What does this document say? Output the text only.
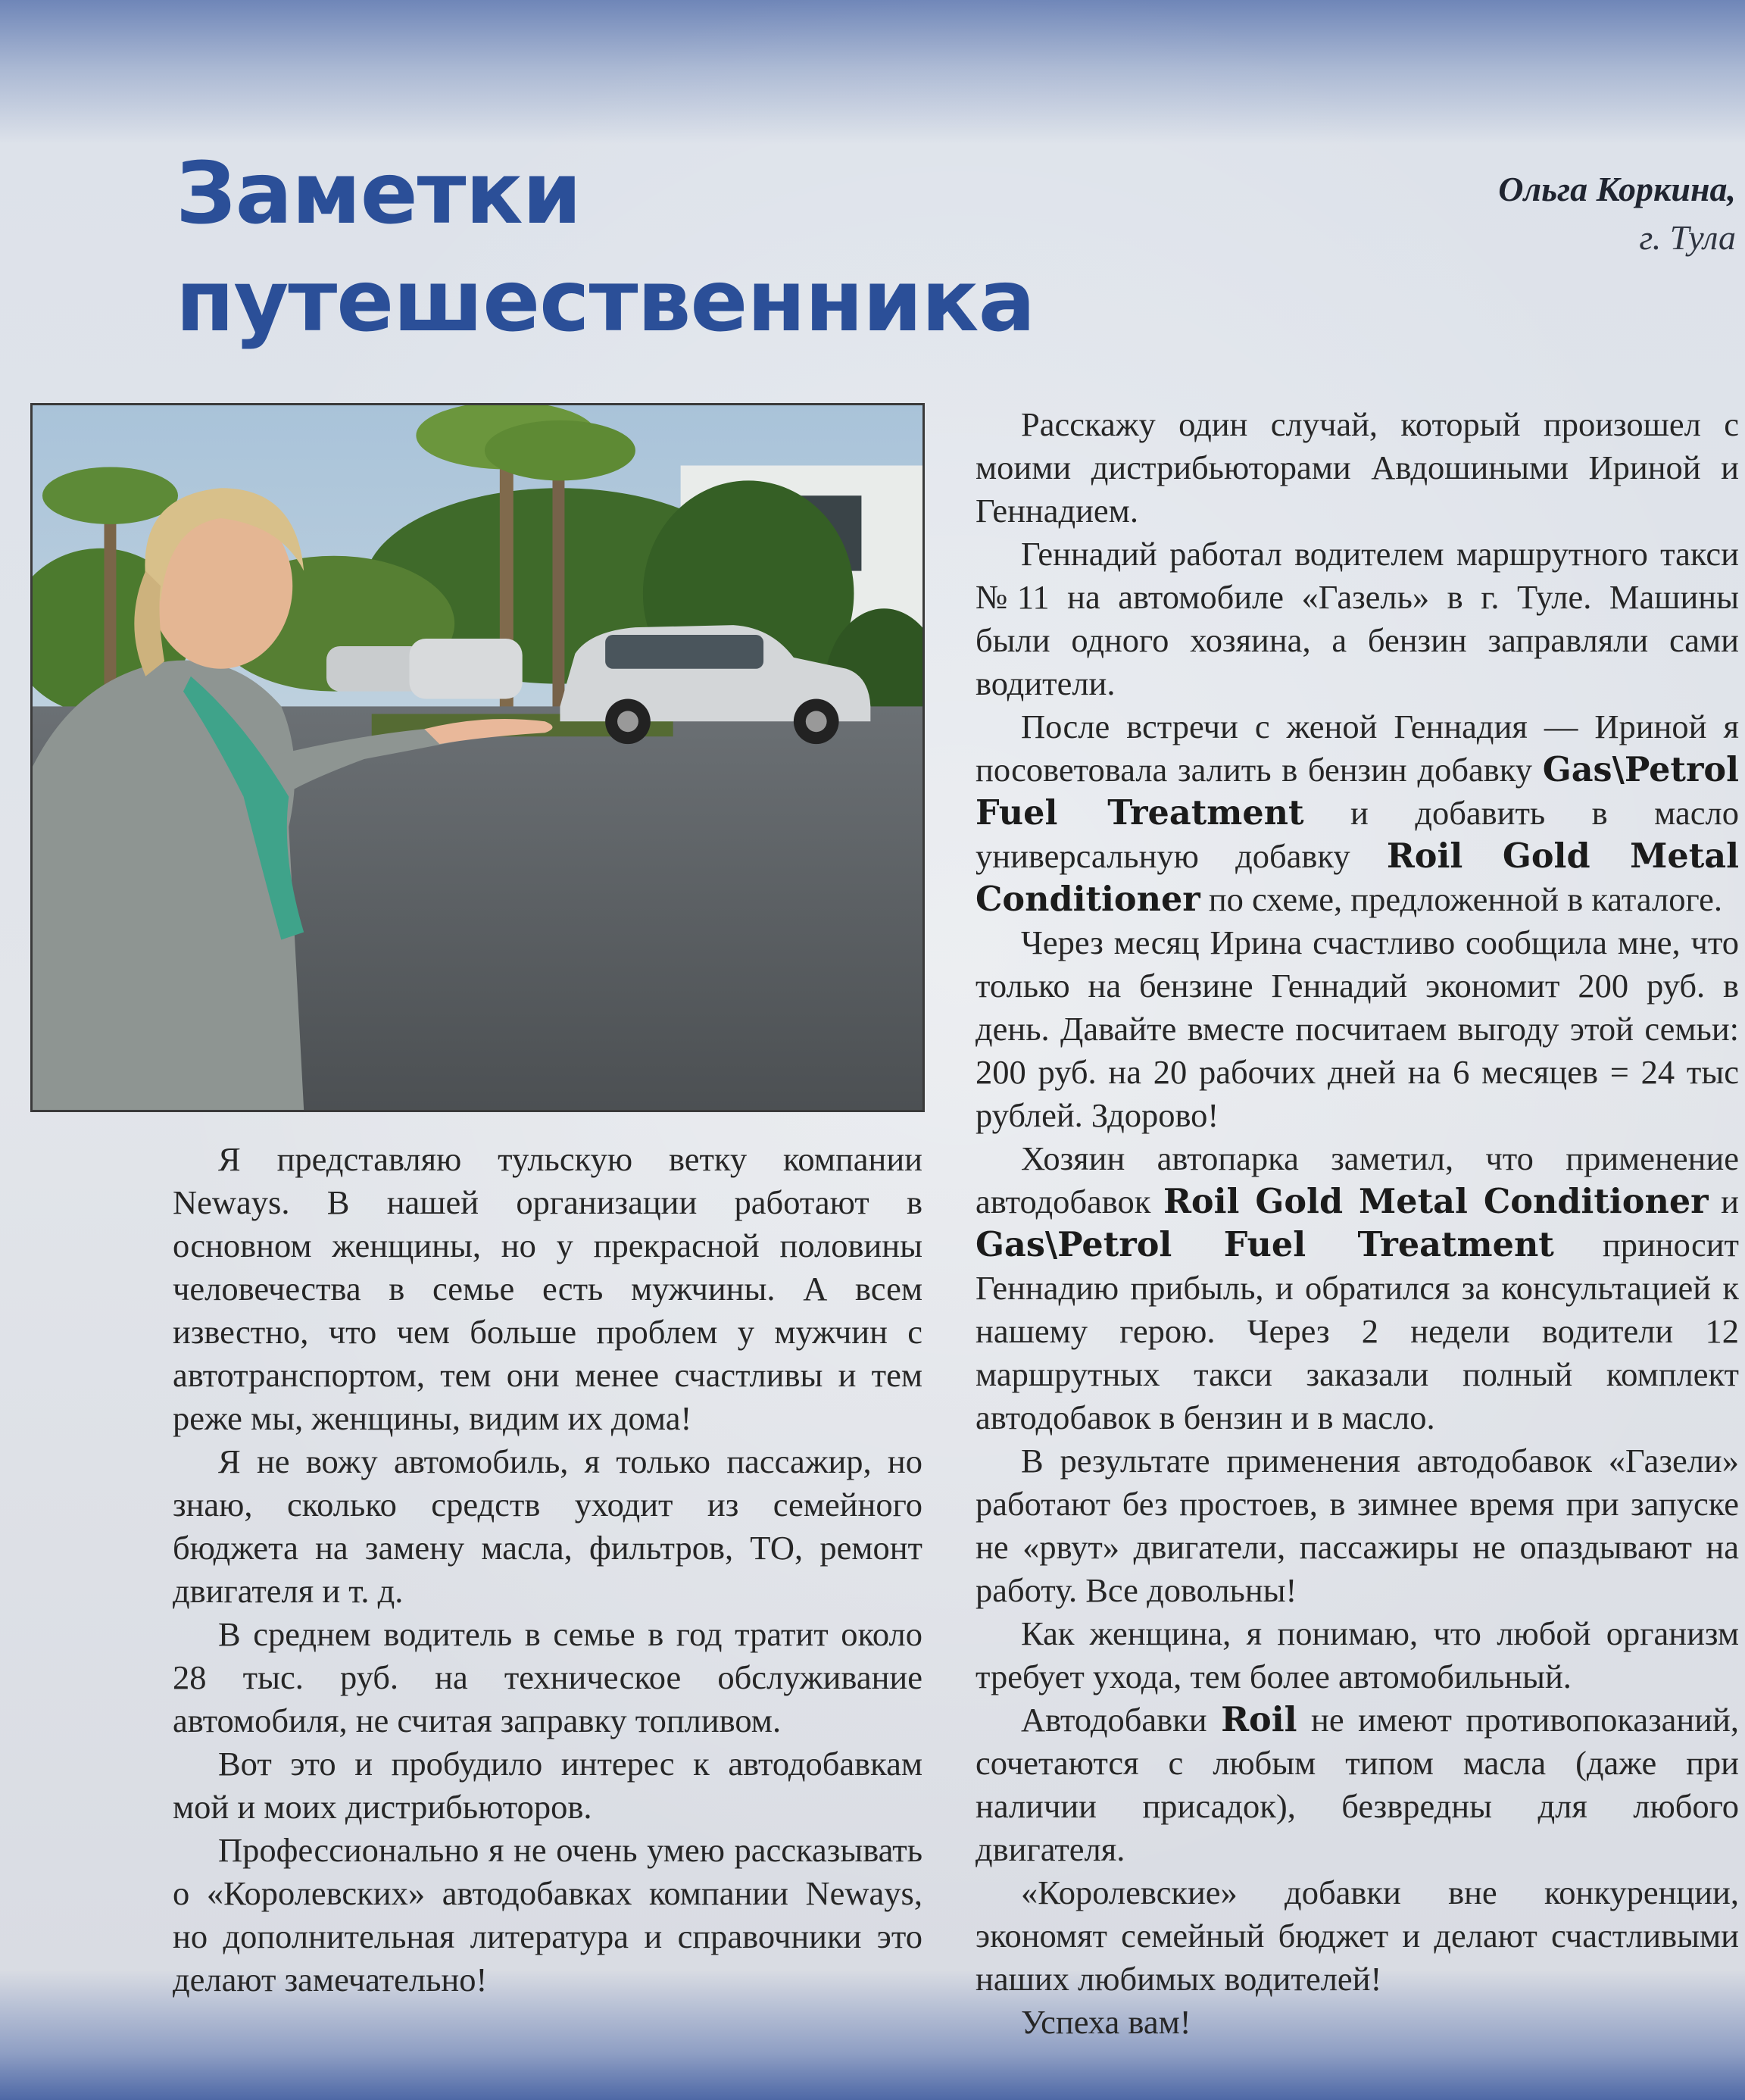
Заметки
путешественника
Ольга Коркина,
г. Тула

Я представляю тульскую ветку компании Neways. В нашей организации работают в основном женщины, но у прекрасной половины человечества в семье есть мужчины. А всем известно, что чем больше проблем у мужчин с автотранспортом, тем они менее счастливы и тем реже мы, женщины, видим их дома!

Я не вожу автомобиль, я только пассажир, но знаю, сколько средств уходит из семейного бюджета на замену масла, фильтров, ТО, ремонт двигателя и т. д.

В среднем водитель в семье в год тратит около 28 тыс. руб. на техническое обслуживание автомобиля, не считая заправку топливом.

Вот это и пробудило интерес к автодобавкам мой и моих дистрибьюторов.

Профессионально я не очень умею рассказывать о «Королевских» автодобавках компании Neways, но дополнительная литература и справочники это делают замечательно!

Расскажу один случай, который произошел с моими дистрибьюторами Авдошиными Ириной и Геннадием.

Геннадий работал водителем маршрутного такси №11 на автомобиле «Газель» в г. Туле. Машины были одного хозяина, а бензин заправляли сами водители.

После встречи с женой Геннадия — Ириной я посоветовала залить в бензин добавку Gas\Petrol Fuel Treatment и добавить в масло универсальную добавку Roil Gold Metal Conditioner по схеме, предложенной в каталоге.

Через месяц Ирина счастливо сообщила мне, что только на бензине Геннадий экономит 200 руб. в день. Давайте вместе посчитаем выгоду этой семьи: 200 руб. на 20 рабочих дней на 6 месяцев = 24 тыс рублей. Здорово!

Хозяин автопарка заметил, что применение автодобавок Roil Gold Metal Conditioner и Gas\Petrol Fuel Treatment приносит Геннадию прибыль, и обратился за консультацией к нашему герою. Через 2 недели водители 12 маршрутных такси заказали полный комплект автодобавок в бензин и в масло.

В результате применения автодобавок «Газели» работают без простоев, в зимнее время при запуске не «рвут» двигатели, пассажиры не опаздывают на работу. Все довольны!

Как женщина, я понимаю, что любой организм требует ухода, тем более автомобильный.

Автодобавки Roil не имеют противопоказаний, сочетаются с любым типом масла (даже при наличии присадок), безвредны для любого двигателя.

«Королевские» добавки вне конкуренции, экономят семейный бюджет и делают счастливыми наших любимых водителей!

Успеха вам!
